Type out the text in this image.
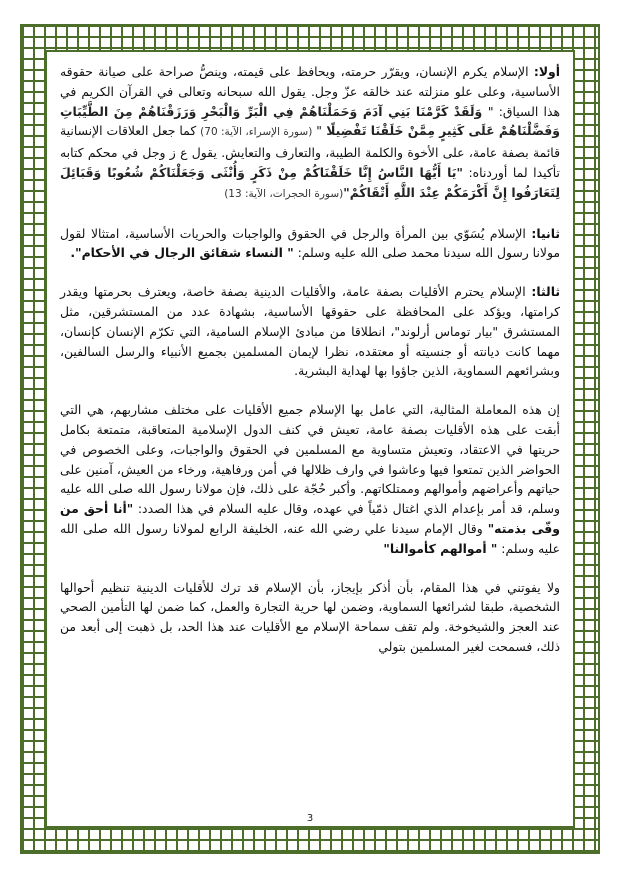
أولا: الإسلام يكرم الإنسان، ويقرّر حرمته، ويحافظ على قيمته، وينصُّ صراحة على صيانة حقوقه الأساسية، وعلى علو منزلته عند خالقه عزّ وجل. يقول الله سبحانه وتعالى في القرآن الكريم في هذا السياق: " وَلَقَدْ كَرَّمْنَا بَنِي آدَمَ وَحَمَلْنَاهُمْ فِي الْبَرِّ وَالْبَحْرِ وَرَزَقْنَاهُمْ مِنَ الطَّيِّبَاتِ وَفَضَّلْنَاهُمْ عَلَى كَثِيرٍ مِمَّنْ خَلَقْنَا تَفْضِيلًا " (سورة الإسراء، الآية: 70) كما جعل العلاقات الإنسانية قائمة بصفة عامة، على الأخوة والكلمة الطيبة، والتعارف والتعايش. يقول ع ز وجل في محكم كتابه تأكيدا لما أوردناه: "يَا أَيُّهَا النَّاسُ إِنَّا خَلَقْنَاكُمْ مِنْ ذَكَرٍ وَأُنْثَى وَجَعَلْنَاكُمْ شُعُوبًا وَقَبَائِلَ لِتَعَارَفُوا إِنَّ أَكْرَمَكُمْ عِنْدَ اللَّهِ أَتْقَاكُمْ"(سورة الحجرات، الآية: 13)

ثانيا: الإسلام يُسَوّي بين المرأة والرجل في الحقوق والواجبات والحريات الأساسية، امتثالا لقول مولانا رسول الله سيدنا محمد صلى الله عليه وسلم: " النساء شقائق الرجال في الأحكام".

ثالثا: الإسلام يحترم الأقليات بصفة عامة، والأقليات الدينية بصفة خاصة، ويعترف بحرمتها ويقدر كرامتها، ويؤكد على المحافظة على حقوقها الأساسية، بشهادة عدد من المستشرقين، مثل المستشرق "بيار توماس أرلوند"، انطلاقا من مبادئ الإسلام السامية، التي تكرّم الإنسان كإنسان، مهما كانت ديانته أو جنسيته أو معتقده، نظرا لإيمان المسلمين بجميع الأنبياء والرسل السالفين، وبشرائعهم السماوية، الذين جاؤوا بها لهداية البشرية.

إن هذه المعاملة المثالية، التي عامل بها الإسلام جميع الأقليات على مختلف مشاربهم، هي التي أبقت على هذه الأقليات بصفة عامة، تعيش في كنف الدول الإسلامية المتعاقبة، متمتعة بكامل حريتها في الاعتقاد، وتعيش متساوية مع المسلمين في الحقوق والواجبات، وعلى الخصوص في الحواضر الذين تمتعوا فيها وعاشوا في وارف ظلالها في أمن ورفاهية، ورخاء من العيش، آمنين على حياتهم وأعراضهم وأموالهم وممتلكاتهم. وأكبر حُجّة على ذلك، فإن مولانا رسول الله صلى الله عليه وسلم، قد أمر بإعدام الذي اغتال ذمّياً في عهده، وقال عليه السلام في هذا الصدد: "أنا أحق من وفّى بذمته" وقال الإمام سيدنا علي رضي الله عنه، الخليفة الرابع لمولانا رسول الله صلى الله عليه وسلم: " أموالهم كأموالنا"

ولا يفوتني في هذا المقام، بأن أذكر بإيجاز، بأن الإسلام قد ترك للأقليات الدينية تنظيم أحوالها الشخصية، طبقا لشرائعها السماوية، وضمن لها حرية التجارة والعمل، كما ضمن لها التأمين الصحي عند العجز والشيخوخة. ولم تقف سماحة الإسلام مع الأقليات عند هذا الحد، بل ذهبت إلى أبعد من ذلك، فسمحت لغير المسلمين بتولي

3
